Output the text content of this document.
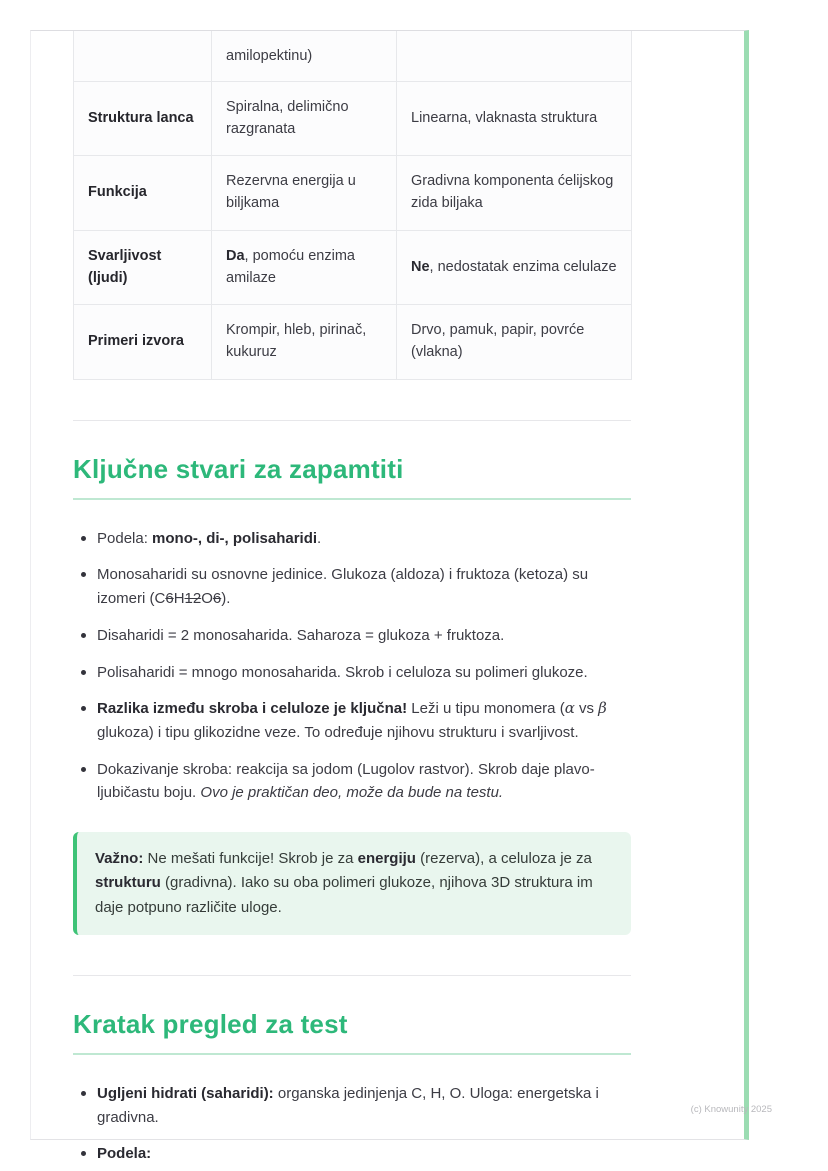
	amilopektinu)	
Struktura lanca	Spiralna, delimično razgranata	Linearna, vlaknasta struktura
Funkcija	Rezervna energija u biljkama	Gradivna komponenta ćelijskog zida biljaka
Svarljivost (ljudi)	Da, pomoću enzima amilaze	Ne, nedostatak enzima celulaze
Primeri izvora	Krompir, hleb, pirinač, kukuruz	Drvo, pamuk, papir, povrće (vlakna)
Ključne stvari za zapamtiti
Podela: mono-, di-, polisaharidi.
Monosaharidi su osnovne jedinice. Glukoza (aldoza) i fruktoza (ketoza) su izomeri (C6H12O6).
Disaharidi = 2 monosaharida. Saharoza = glukoza + fruktoza.
Polisaharidi = mnogo monosaharida. Skrob i celuloza su polimeri glukoze.
Razlika između skroba i celuloze je ključna! Leži u tipu monomera (α vs β glukoza) i tipu glikozidne veze. To određuje njihovu strukturu i svarljivost.
Dokazivanje skroba: reakcija sa jodom (Lugolov rastvor). Skrob daje plavo-ljubičastu boju. Ovo je praktičan deo, može da bude na testu.

Važno: Ne mešati funkcije! Skrob je za energiju (rezerva), a celuloza je za strukturu (gradivna). Iako su oba polimeri glukoze, njihova 3D struktura im daje potpuno različite uloge.

Kratak pregled za test
Ugljeni hidrati (saharidi): organska jedinjenja C, H, O. Uloga: energetska i gradivna.
Podela:
(c) Knowunity 2025
